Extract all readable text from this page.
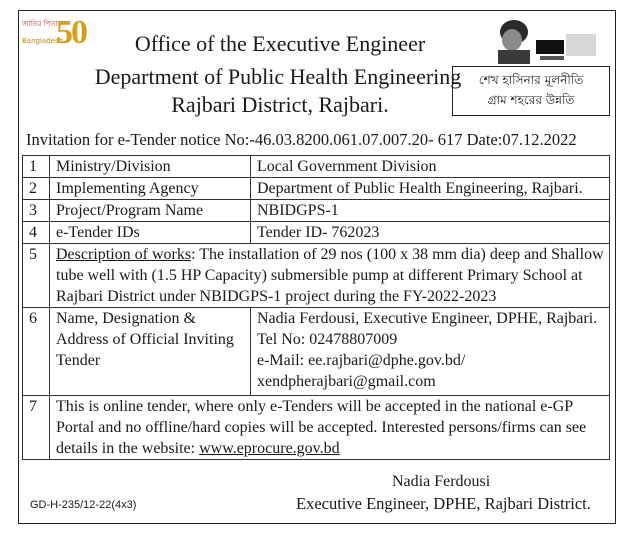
জাতির পিতার
Bangladesh
50	Office of the Executive Engineer
Department of Public Health Engineering
Rajbari District, Rajbari.
শেখ হাসিনার মূলনীতি
গ্রাম শহরের উন্নতি
Invitation for e-Tender notice No:-46.03.8200.061.07.007.20- 617 Date:07.12.2022
1	Ministry/Division	Local Government Division
2	Implementing Agency	Department of Public Health Engineering, Rajbari.
3	Project/Program Name	NBIDGPS-1
4	e-Tender IDs	Tender ID- 762023
5	Description of works: The installation of 29 nos (100 x 38 mm dia) deep and Shallow tube well with (1.5 HP Capacity) submersible pump at different Primary School at Rajbari District under NBIDGPS-1 project during the FY-2022-2023	
6	Name, Designation & Address of Official Inviting Tender	Nadia Ferdousi, Executive Engineer, DPHE, Rajbari.
Tel No: 02478807009
e-Mail: ee.rajbari@dphe.gov.bd/
xendpherajbari@gmail.com

7	This is online tender, where only e-Tenders will be accepted in the national e-GP Portal and no offline/hard copies will be accepted. Interested persons/firms can see details in the website: www.eprocure.gov.bd	
Nadia Ferdousi
GD-H-235/12-22(4x3)	Executive Engineer, DPHE, Rajbari District.
